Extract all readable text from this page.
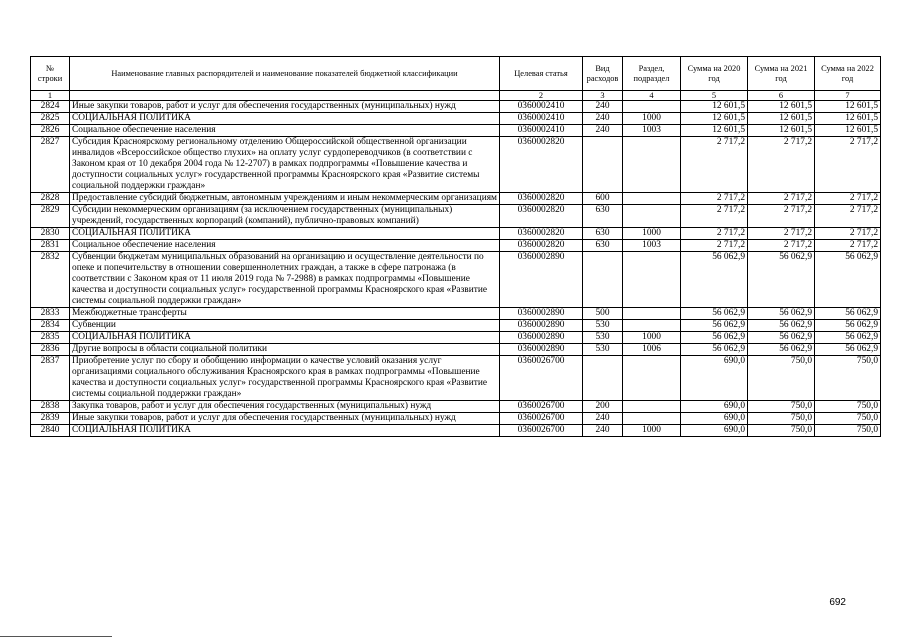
№
строки	Наименование главных распорядителей и наименование показателей бюджетной классификации	Целевая статья	Вид расходов	Раздел, подраздел	Сумма на 2020 год	Сумма на 2021 год	Сумма на 2022 год
1		2	3	4	5	6	7
2824	Иные закупки товаров, работ и услуг для обеспечения государственных (муниципальных) нужд	0360002410	240		12 601,5	12 601,5	12 601,5
2825	СОЦИАЛЬНАЯ ПОЛИТИКА	0360002410	240	1000	12 601,5	12 601,5	12 601,5
2826	Социальное обеспечение населения	0360002410	240	1003	12 601,5	12 601,5	12 601,5
2827	Субсидия Красноярскому региональному отделению Общероссийской общественной организации инвалидов «Всероссийское общество глухих» на оплату услуг сурдопереводчиков (в соответствии с Законом края от 10 декабря 2004 года № 12-2707) в рамках подпрограммы «Повышение качества и доступности социальных услуг» государственной программы Красноярского края «Развитие системы социальной поддержки граждан»	0360002820			2 717,2	2 717,2	2 717,2
2828	Предоставление субсидий бюджетным, автономным учреждениям и иным некоммерческим организациям	0360002820	600		2 717,2	2 717,2	2 717,2
2829	Субсидии некоммерческим организациям (за исключением государственных (муниципальных) учреждений, государственных корпораций (компаний), публично-правовых компаний)	0360002820	630		2 717,2	2 717,2	2 717,2
2830	СОЦИАЛЬНАЯ ПОЛИТИКА	0360002820	630	1000	2 717,2	2 717,2	2 717,2
2831	Социальное обеспечение населения	0360002820	630	1003	2 717,2	2 717,2	2 717,2
2832	Субвенции бюджетам муниципальных образований на организацию и осуществление деятельности по опеке и попечительству в отношении совершеннолетних граждан, а также в сфере патронажа (в соответствии с Законом края от 11 июля 2019 года № 7-2988) в рамках подпрограммы «Повышение качества и доступности социальных услуг» государственной программы Красноярского края «Развитие системы социальной поддержки граждан»	0360002890			56 062,9	56 062,9	56 062,9
2833	Межбюджетные трансферты	0360002890	500		56 062,9	56 062,9	56 062,9
2834	Субвенции	0360002890	530		56 062,9	56 062,9	56 062,9
2835	СОЦИАЛЬНАЯ ПОЛИТИКА	0360002890	530	1000	56 062,9	56 062,9	56 062,9
2836	Другие вопросы в области социальной политики	0360002890	530	1006	56 062,9	56 062,9	56 062,9
2837	Приобретение услуг по сбору и обобщению информации о качестве условий оказания услуг организациями социального обслуживания Красноярского края в рамках подпрограммы «Повышение качества и доступности социальных услуг» государственной программы Красноярского края «Развитие системы социальной поддержки граждан»	0360026700			690,0	750,0	750,0
2838	Закупка товаров, работ и услуг для обеспечения государственных (муниципальных) нужд	0360026700	200		690,0	750,0	750,0
2839	Иные закупки товаров, работ и услуг для обеспечения государственных (муниципальных) нужд	0360026700	240		690,0	750,0	750,0
2840	СОЦИАЛЬНАЯ ПОЛИТИКА	0360026700	240	1000	690,0	750,0	750,0
692
